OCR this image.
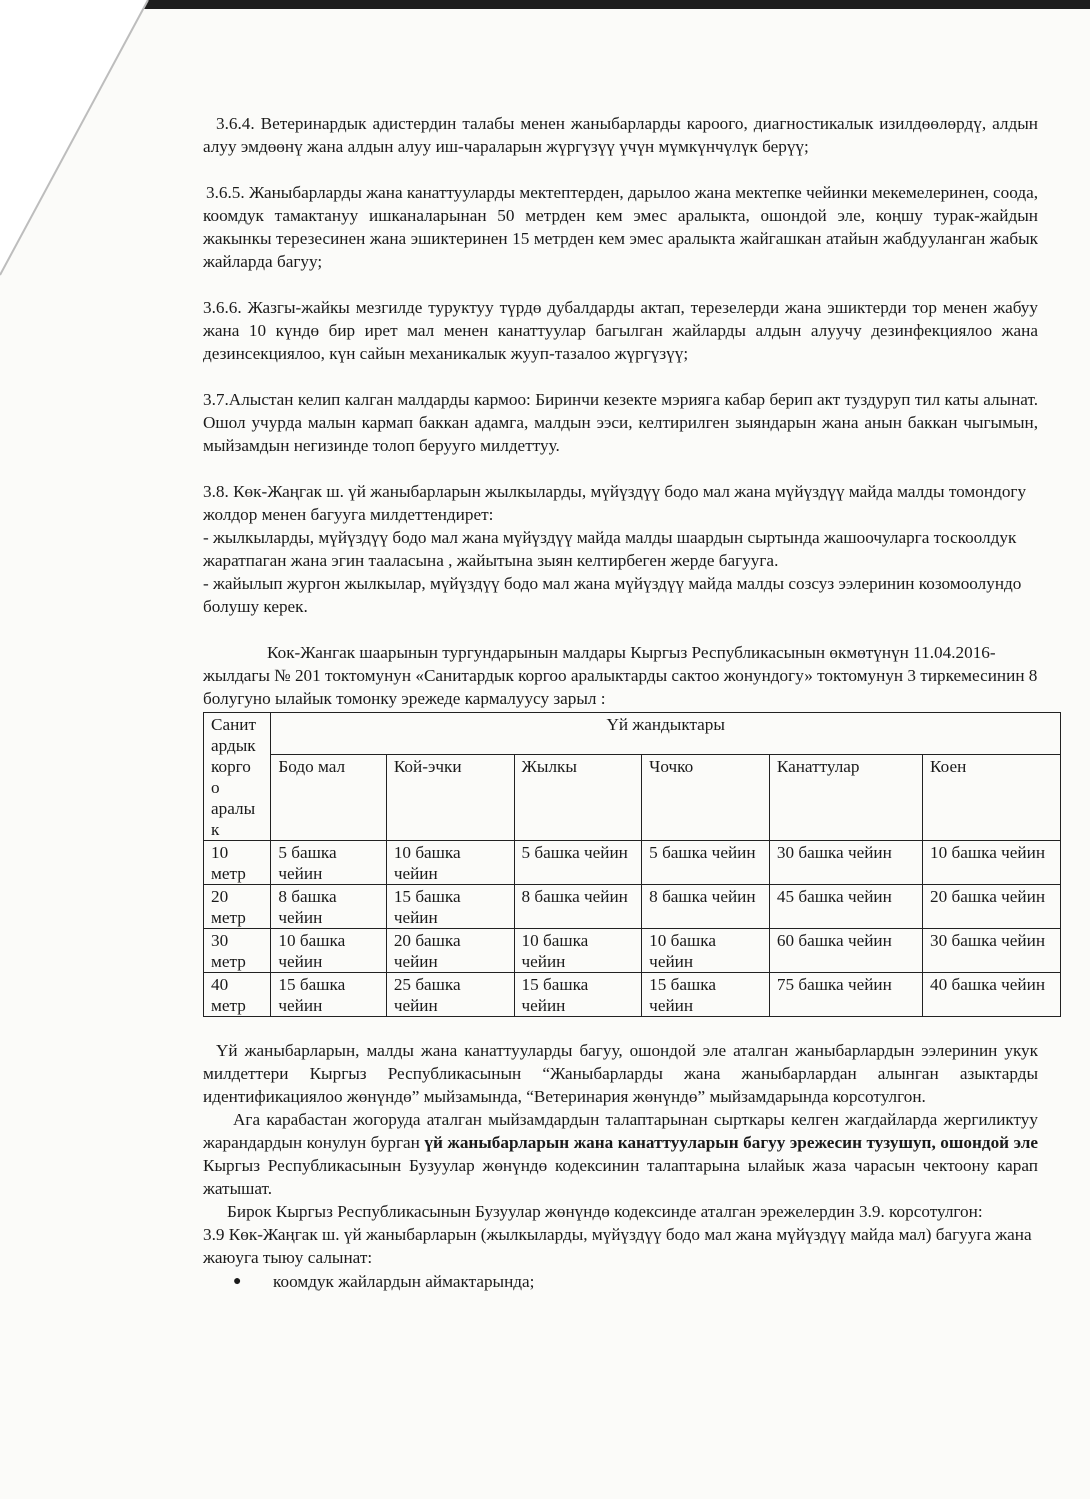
3.6.4. Ветеринардык адистердин талабы менен жаныбарларды кароого, диагностикалык изилдөөлөрдү, алдын алуу эмдөөнү жана алдын алуу иш-чараларын жүргүзүү үчүн мүмкүнчүлүк берүү;

3.6.5. Жаныбарларды жана канаттууларды мектептерден, дарылоо жана мектепке чейинки мекемелеринен, соода, коомдук тамактануу ишканаларынан 50 метрден кем эмес аралыкта, ошондой эле, коңшу турак-жайдын жакынкы терезесинен жана эшиктеринен 15 метрден кем эмес аралыкта жайгашкан атайын жабдууланган жабык жайларда багуу;

3.6.6. Жазгы-жайкы мезгилде туруктуу түрдө дубалдарды актап, терезелерди жана эшиктерди тор менен жабуу жана 10 күндө бир ирет мал менен канаттуулар багылган жайларды алдын алуучу дезинфекциялоо жана дезинсекциялоо, күн сайын механикалык жууп-тазалоо жүргүзүү;

3.7.Алыстан келип калган малдарды кармоо: Биринчи кезекте мэрияга кабар берип акт туздуруп тил каты алынат. Ошол учурда малын кармап баккан адамга, малдын ээси, келтирилген зыяндарын жана анын баккан чыгымын, мыйзамдын негизинде толоп берууго милдеттуу.

3.8. Көк-Жаңгак ш. үй жаныбарларын жылкыларды, мүйүздүү бодо мал жана мүйүздүү майда малды томондогу жолдор менен багууга милдеттендирет:

- жылкыларды, мүйүздүү бодо мал жана мүйүздүү майда малды шаардын сыртында жашоочуларга тоскоолдук жаратпаган жана эгин тааласына , жайытына зыян келтирбеген жерде багууга.

- жайылып жургон жылкылар, мүйүздүү бодо мал жана мүйүздүү майда малды созсуз ээлеринин козомоолундо болушу керек.

Кок-Жангак шаарынын тургундарынын малдары Кыргыз Республикасынын өкмөтүнүн 11.04.2016-жылдагы № 201 токтомунун «Санитардык коргоо аралыктарды сактоо жонундогу» токтомунун 3 тиркемесинин 8 болугуно ылайык томонку эрежеде кармалуусу зарыл :

Санит ардык корго о аралы к	Үй жандыктары					
	Бодо мал	Кой-эчки	Жылкы	Чочко	Канаттулар	Коен
10 метр	5 башка чейин	10 башка чейин	5 башка чейин	5 башка чейин	30 башка чейин	10 башка чейин
20 метр	8 башка чейин	15 башка чейин	8 башка чейин	8 башка чейин	45 башка чейин	20 башка чейин
30 метр	10 башка чейин	20 башка чейин	10 башка чейин	10 башка чейин	60 башка чейин	30 башка чейин
40 метр	15 башка чейин	25 башка чейин	15 башка чейин	15 башка чейин	75 башка чейин	40 башка чейин

Үй жаныбарларын, малды жана канаттууларды багуу, ошондой эле аталган жаныбарлардын ээлеринин укук милдеттери Кыргыз Республикасынын “Жаныбарларды жана жаныбарлардан алынган азыктарды идентификациялоо жөнүндө” мыйзамында, “Ветеринария жөнүндө” мыйзамдарында корсотулгон.

Ага карабастан жогоруда аталган мыйзамдардын талаптарынан сырткары келген жагдайларда жергиликтуу жарандардын конулун бурган үй жаныбарларын жана канаттууларын багуу эрежесин тузушуп, ошондой эле Кыргыз Республикасынын Бузуулар жөнүндө кодексинин талаптарына ылайык жаза чарасын чектоону карап жатышат.

Бирок Кыргыз Республикасынын Бузуулар жөнүндө кодексинде аталган эрежелердин 3.9. корсотулгон:

3.9 Көк-Жаңгак ш. үй жаныбарларын (жылкыларды, мүйүздүү бодо мал жана мүйүздүү майда мал) багууга жана жаюуга тыюу салынат:

●	коомдук жайлардын аймактарында;
